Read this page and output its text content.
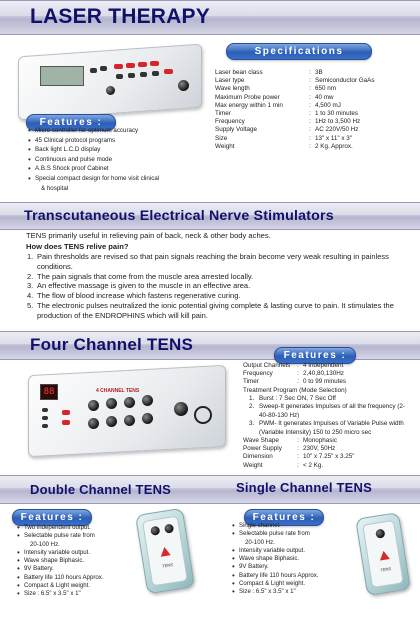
LASER THERAPY
Specifications
Laser bean class	:	3B
Laser type	:	Semiconductor GaAs
Wave length	:	650 nm
Maximum Probe power	:	40 mw
Max energy within 1 min	:	4,500 mJ
Timer	:	1 to 30 minutes
Frequency	:	1Hz to 3,500 Hz
Supply Voltage	:	AC 220V/50 Hz
Size	:	13" x 11" x 3"
Weight	:	2 Kg. Approx.
Features :
• Micro controller for optimum accuracy
• 45 Clinical protocol programs
• Back light L.C.D display
• Continuous and pulse mode
• A.B.S Shock proof Cabinet
• Special compact design for home visit clinical
& hospital
Transcutaneous Electrical Nerve Stimulators
TENS primarily useful in relieving pain of back, neck & other body aches.
How does TENS relive pain?
1. Pain thresholds are revised so that pain signals reaching the brain become very weak resulting in painless conditions.
2. The pain signals that come from the muscle area arrested locally.
3. An effective massage is given to the muscle in an effective area.
4. The flow of blood increase which fastens regenerative curing.
5. The electronic pulses neutralized the ionic potential giving complete & lasting curve to pain. It stimulates the production of the ENDROPHINS which will kill pain.
Four Channel TENS
88	4 CHANNEL TENS
Features :
Output Channels	:	4 Independent
Frequency	:	2,40,80,130Hz
Timer	:	0 to 99 minutes
Treatment Program (Mode Selection)
1. Burst : 7 Sec ON, 7 Sec Off
2. Sweep-It generates Impulses of all the frequency (2-40-80-130 Hz)
3. PWM- It generates Impulses of Variable Pulse width (Variable Intensity) 150 to 250 micro sec
Wave Shape	:	Monophasic
Power Supply	:	230V, 50Hz
Dimension	:	10" x 7.25" x 3.25"
Weight	:	< 2 Kg.
Double Channel TENS	Single Channel TENS
Features :
• Two independent output.
• Selectable pulse rate from
20-100 Hz.
• Intensity variable output.
• Wave shape Biphasic.
• 9V Battery.
• Battery life 110 hours Approx.
• Compact & Light weight.
• Size : 6.5" x 3.5" x 1"
TENS
Features :
• Single channel.
• Selectable pulse rate from
20-100 Hz.
• Intensity variable output.
• Wave shape Biphasic.
• 9V Battery.
• Battery life 110 hours Approx.
• Compact & Light weight.
• Size : 6.5" x 3.5" x 1"
TENS
